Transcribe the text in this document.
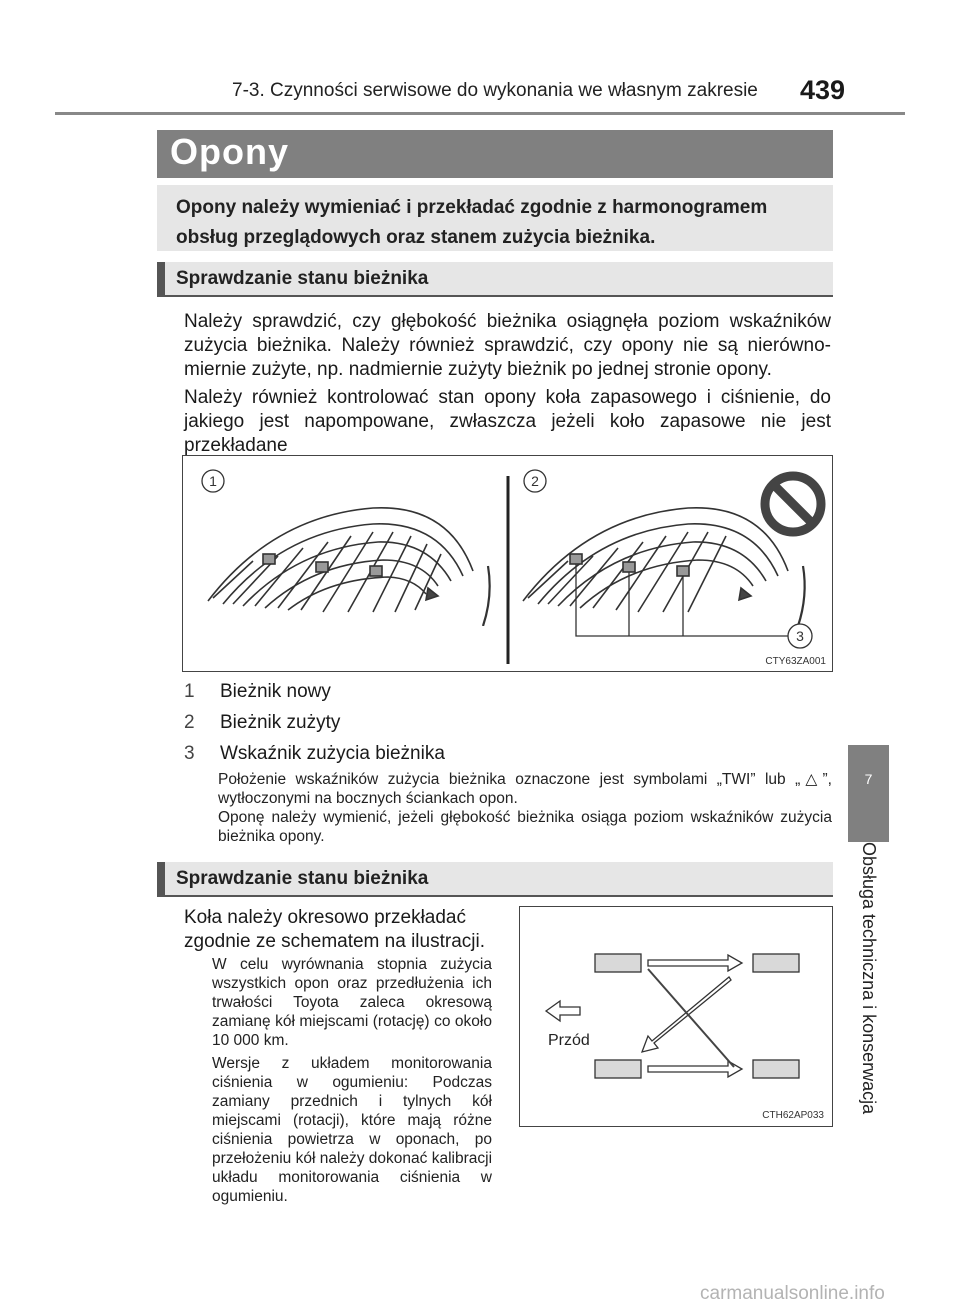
7-3. Czynności serwisowe do wykonania we własnym zakresie 439
Opony
Opony należy wymieniać i przekładać zgodnie z harmonogramem obsług przeglądowych oraz stanem zużycia bieżnika.
Sprawdzanie stanu bieżnika
Należy sprawdzić, czy głębokość bieżnika osiągnęła poziom wskaźników zużycia bieżnika. Należy również sprawdzić, czy opony nie są nierównomiernie zużyte, np. nadmiernie zużyty bieżnik po jednej stronie opony.
Należy również kontrolować stan opony koła zapasowego i ciśnienie, do jakiego jest napompowane, zwłaszcza jeżeli koło zapasowe nie jest przekładane
1	2
3
CTY63ZA001
1 Bieżnik nowy
2 Bieżnik zużyty
3 Wskaźnik zużycia bieżnika
Położenie wskaźników zużycia bieżnika oznaczone jest symbolami „TWI” lub „△”, wytłoczonymi na bocznych ściankach opon.
Oponę należy wymienić, jeżeli głębokość bieżnika osiąga poziom wskaźników zużycia bieżnika opony.
Sprawdzanie stanu bieżnika
Koła należy okresowo przekładać zgodnie ze schematem na ilustracji.
W celu wyrównania stopnia zużycia wszystkich opon oraz przedłużenia ich trwałości Toyota zaleca okresową zamianę kół miejscami (rotację) co około 10 000 km.
Wersje z układem monitorowania ciśnienia w ogumieniu: Podczas zamiany przednich i tylnych kół miejscami (rotacji), które mają różne ciśnienia powietrza w oponach, po przełożeniu kół należy dokonać kalibracji układu monitorowania ciśnienia w ogumieniu.
Przód
CTH62AP033
7
Obsługa techniczna i konserwacja
carmanualsonline.info
